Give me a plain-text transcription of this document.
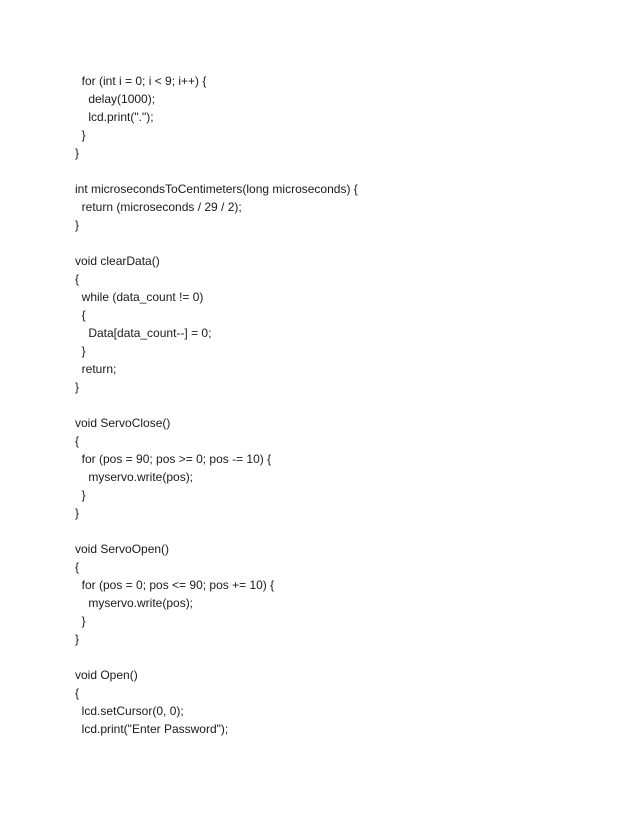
for (int i = 0; i < 9; i++) {
delay(1000);
lcd.print(".");
}
}
int microsecondsToCentimeters(long microseconds) {
return (microseconds / 29 / 2);
}
void clearData()
{
while (data_count != 0)
{
Data[data_count--] = 0;
}
return;
}
void ServoClose()
{
for (pos = 90; pos >= 0; pos -= 10) {
myservo.write(pos);
}
}
void ServoOpen()
{
for (pos = 0; pos <= 90; pos += 10) {
myservo.write(pos);
}
}
void Open()
{
lcd.setCursor(0, 0);
lcd.print("Enter Password");
